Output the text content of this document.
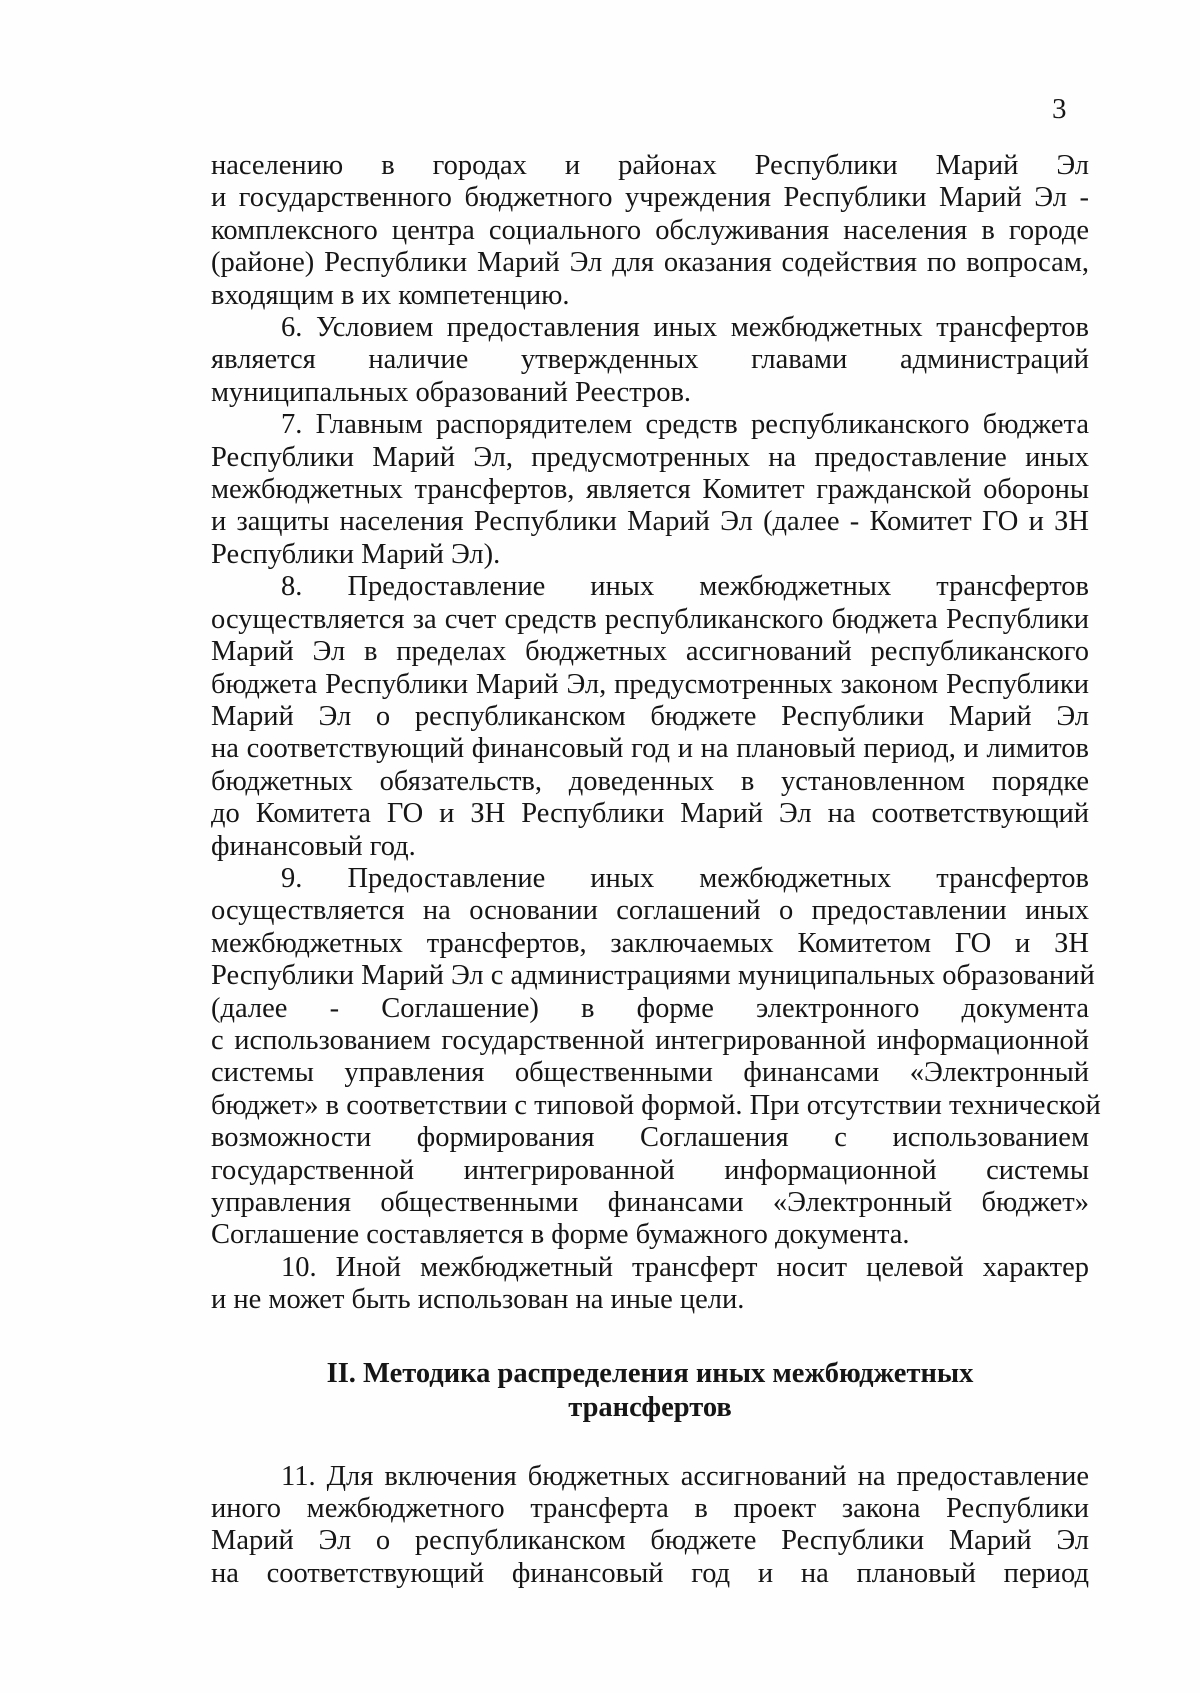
3

населению в городах и районах Республики Марий Эл
и государственного бюджетного учреждения Республики Марий Эл -
комплексного центра социального обслуживания населения в городе
(районе) Республики Марий Эл для оказания содействия по вопросам,
входящим в их компетенцию.

6. Условием предоставления иных межбюджетных трансфертов
является наличие утвержденных главами администраций
муниципальных образований Реестров.

7. Главным распорядителем средств республиканского бюджета
Республики Марий Эл, предусмотренных на предоставление иных
межбюджетных трансфертов, является Комитет гражданской обороны
и защиты населения Республики Марий Эл (далее - Комитет ГО и ЗН
Республики Марий Эл).

8. Предоставление иных межбюджетных трансфертов
осуществляется за счет средств республиканского бюджета Республики
Марий Эл в пределах бюджетных ассигнований республиканского
бюджета Республики Марий Эл, предусмотренных законом Республики
Марий Эл о республиканском бюджете Республики Марий Эл
на соответствующий финансовый год и на плановый период, и лимитов
бюджетных обязательств, доведенных в установленном порядке
до Комитета ГО и ЗН Республики Марий Эл на соответствующий
финансовый год.

9. Предоставление иных межбюджетных трансфертов
осуществляется на основании соглашений о предоставлении иных
межбюджетных трансфертов, заключаемых Комитетом ГО и ЗН
Республики Марий Эл с администрациями муниципальных образований
(далее - Соглашение) в форме электронного документа
с использованием государственной интегрированной информационной
системы управления общественными финансами «Электронный
бюджет» в соответствии с типовой формой. При отсутствии технической
возможности формирования Соглашения с использованием
государственной интегрированной информационной системы
управления общественными финансами «Электронный бюджет»
Соглашение составляется в форме бумажного документа.

10. Иной межбюджетный трансферт носит целевой характер
и не может быть использован на иные цели.

II. Методика распределения иных межбюджетных
трансфертов

11. Для включения бюджетных ассигнований на предоставление
иного межбюджетного трансферта в проект закона Республики
Марий Эл о республиканском бюджете Республики Марий Эл
на соответствующий финансовый год и на плановый период
